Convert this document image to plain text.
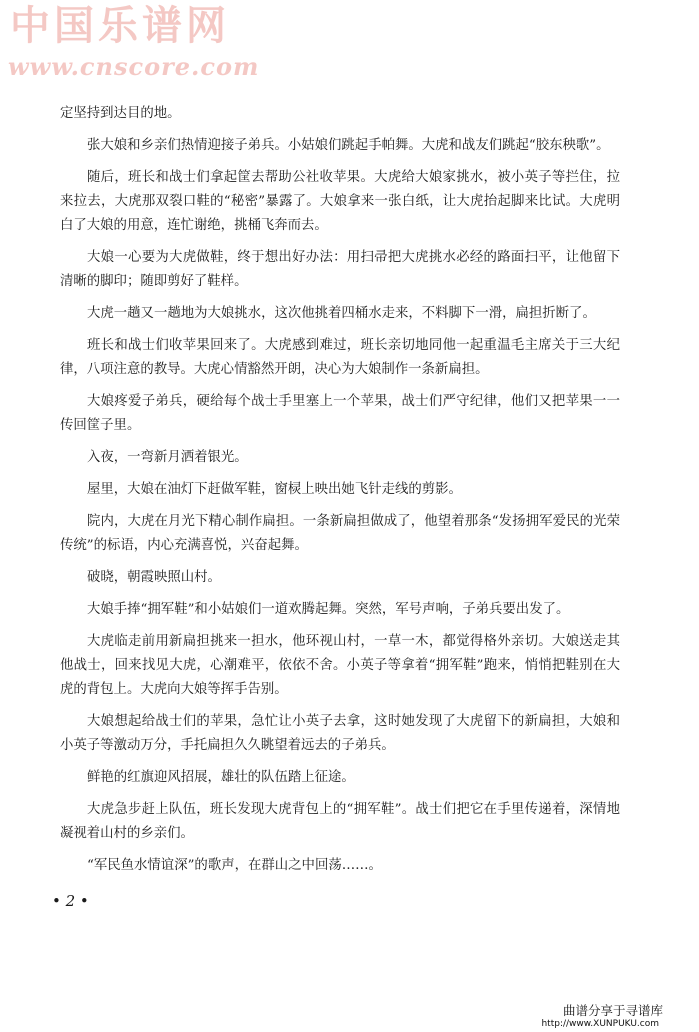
中国乐谱网
www.cnscore.com

定坚持到达目的地。

张大娘和乡亲们热情迎接子弟兵。小姑娘们跳起手帕舞。大虎和战友们跳起“胶东秧歌”。

随后，班长和战士们拿起筐去帮助公社收苹果。大虎给大娘家挑水，被小英子等拦住，拉来拉去，大虎那双裂口鞋的“秘密”暴露了。大娘拿来一张白纸，让大虎抬起脚来比试。大虎明白了大娘的用意，连忙谢绝，挑桶飞奔而去。

大娘一心要为大虎做鞋，终于想出好办法：用扫帚把大虎挑水必经的路面扫平，让他留下清晰的脚印；随即剪好了鞋样。

大虎一趟又一趟地为大娘挑水，这次他挑着四桶水走来，不料脚下一滑，扁担折断了。

班长和战士们收苹果回来了。大虎感到难过，班长亲切地同他一起重温毛主席关于三大纪律，八项注意的教导。大虎心情豁然开朗，决心为大娘制作一条新扁担。

大娘疼爱子弟兵，硬给每个战士手里塞上一个苹果，战士们严守纪律，他们又把苹果一一传回筐子里。

入夜，一弯新月洒着银光。

屋里，大娘在油灯下赶做军鞋，窗棂上映出她飞针走线的剪影。

院内，大虎在月光下精心制作扁担。一条新扁担做成了，他望着那条“发扬拥军爱民的光荣传统”的标语，内心充满喜悦，兴奋起舞。

破晓，朝霞映照山村。

大娘手捧“拥军鞋”和小姑娘们一道欢腾起舞。突然，军号声响，子弟兵要出发了。

大虎临走前用新扁担挑来一担水，他环视山村，一草一木，都觉得格外亲切。大娘送走其他战士，回来找见大虎，心潮难平，依依不舍。小英子等拿着“拥军鞋”跑来，悄悄把鞋别在大虎的背包上。大虎向大娘等挥手告别。

大娘想起给战士们的苹果，急忙让小英子去拿，这时她发现了大虎留下的新扁担，大娘和小英子等激动万分，手托扁担久久眺望着远去的子弟兵。

鲜艳的红旗迎风招展，雄壮的队伍踏上征途。

大虎急步赶上队伍，班长发现大虎背包上的“拥军鞋”。战士们把它在手里传递着，深情地凝视着山村的乡亲们。

“军民鱼水情谊深”的歌声，在群山之中回荡……。

• 2 •
曲谱分享于寻谱库
http://www.XUNPUKU.com
